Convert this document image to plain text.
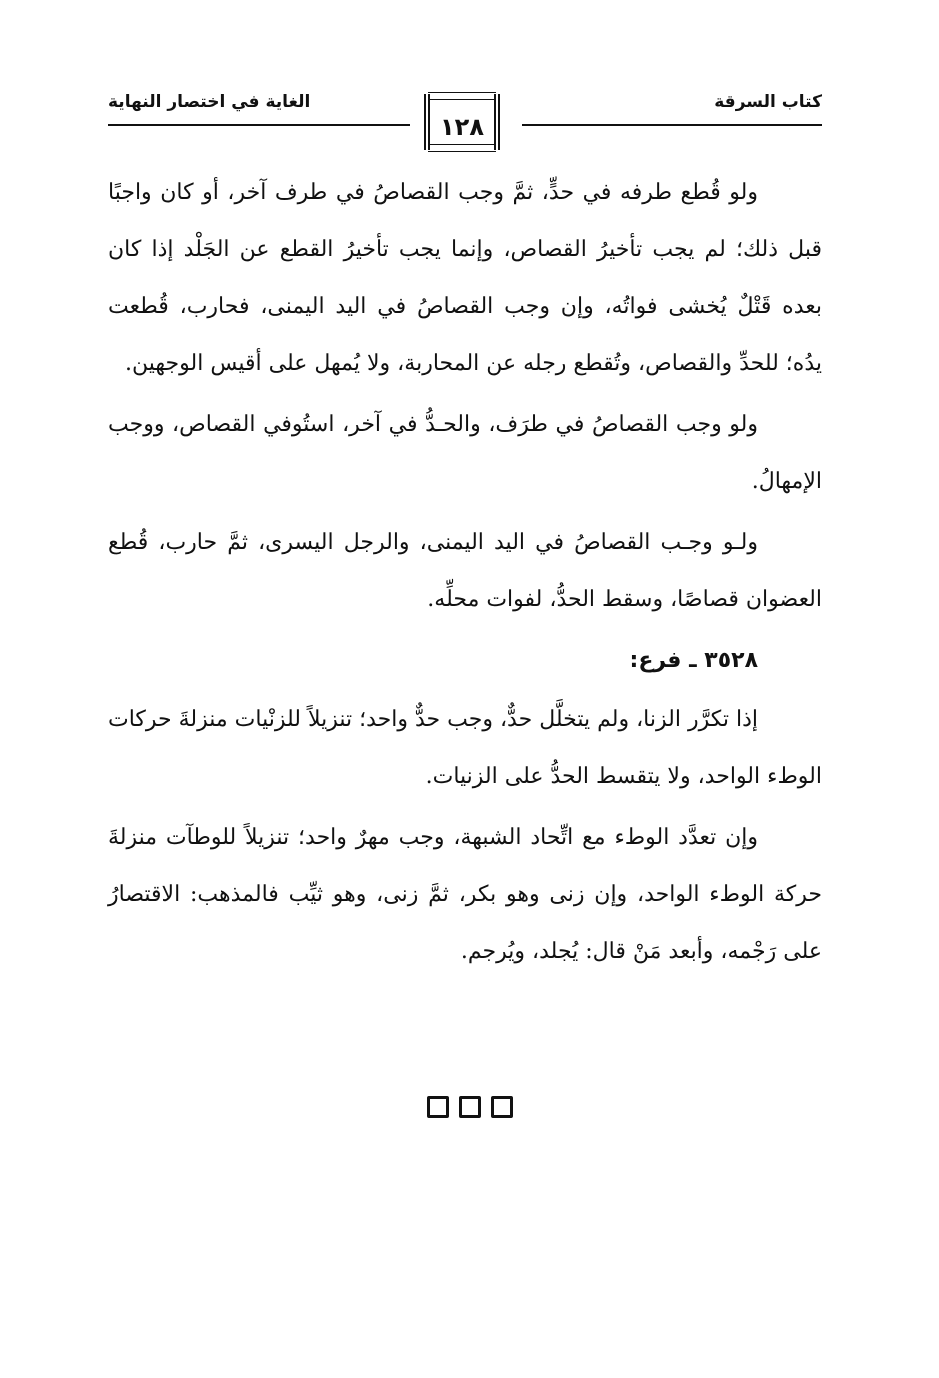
كتاب السرقة
الغاية في اختصار النهاية
١٢٨

ولو قُطع طرفه في حدٍّ، ثمَّ وجب القصاصُ في طرف آخر، أو كان واجبًا قبل ذلك؛ لم يجب تأخيرُ القصاص، وإنما يجب تأخيرُ القطع عن الجَلْد إذا كان بعده قَتْلٌ يُخشى فواتُه، وإن وجب القصاصُ في اليد اليمنى، فحارب، قُطعت يدُه؛ للحدِّ والقصاص، وتُقطع رجله عن المحاربة، ولا يُمهل على أقيس الوجهين.

ولو وجب القصاصُ في طرَف، والحـدُّ في آخر، استُوفي القصاص، ووجب الإمهالُ.

ولـو وجـب القصاصُ في اليد اليمنى، والرجل اليسرى، ثمَّ حارب، قُطع العضوان قصاصًا، وسقط الحدُّ، لفوات محلِّه.

٣٥٢٨ ـ فرع:

إذا تكرَّر الزنا، ولم يتخلَّل حدٌّ، وجب حدٌّ واحد؛ تنزيلاً للزنْيات منزلةَ حركات الوطء الواحد، ولا يتقسط الحدُّ على الزنيات.

وإن تعدَّد الوطء مع اتِّحاد الشبهة، وجب مهرٌ واحد؛ تنزيلاً للوطآت منزلةَ حركة الوطء الواحد، وإن زنى وهو بكر، ثمَّ زنى، وهو ثيِّب فالمذهب: الاقتصارُ على رَجْمه، وأبعد مَنْ قال: يُجلد، ويُرجم.
